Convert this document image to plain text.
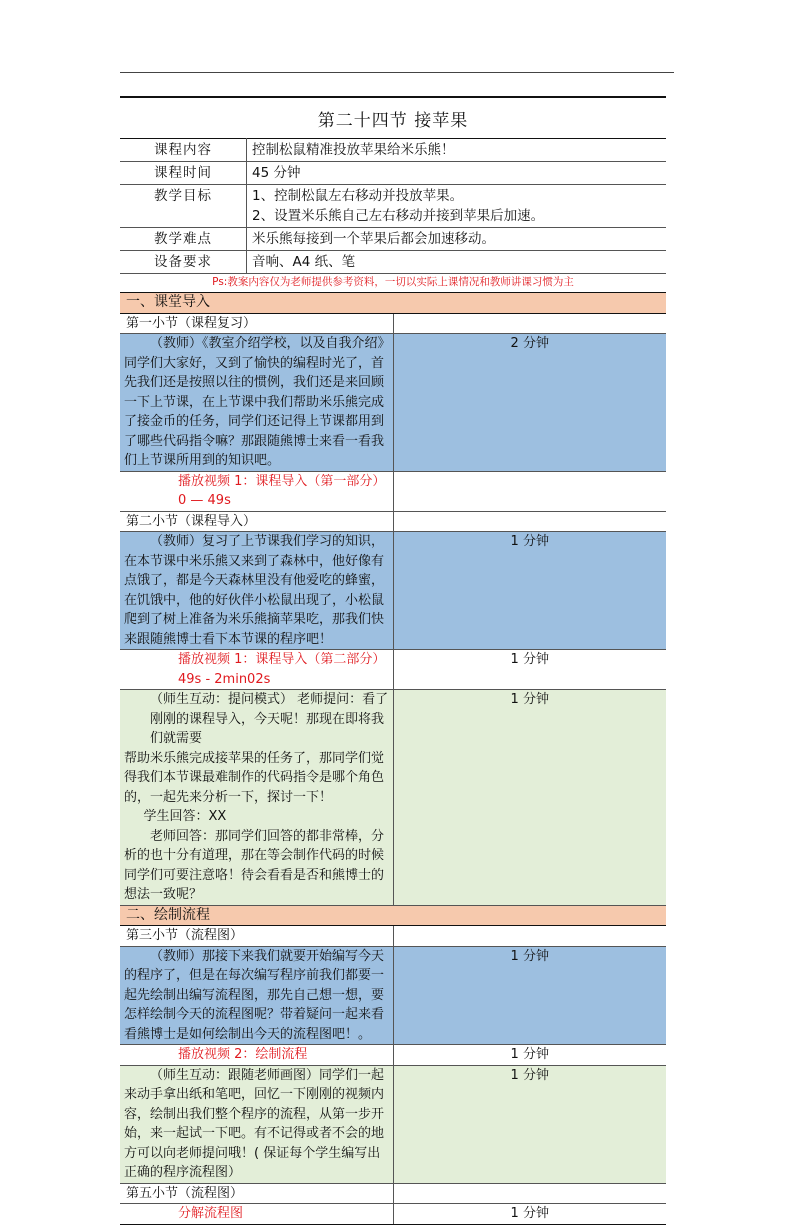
第二十四节 接苹果
课程内容	控制松鼠精准投放苹果给米乐熊！
课程时间	45 分钟
教学目标	1、控制松鼠左右移动并投放苹果。
2、设置米乐熊自己左右移动并接到苹果后加速。

教学难点	米乐熊每接到一个苹果后都会加速移动。
设备要求	音响、A4 纸、笔
Ps:教案内容仅为老师提供参考资料，一切以实际上课情况和教师讲课习惯为主
一、课堂导入	
第一小节（课程复习）	
（教师）《教室介绍学校，以及自我介绍》同学们大家好，又到了愉快的编程时光了，首先我们还是按照以往的惯例，我们还是来回顾一下上节课，在上节课中我们帮助米乐熊完成了接金币的任务，同学们还记得上节课都用到了哪些代码指令嘛？那跟随熊博士来看一看我们上节课所用到的知识吧。	2 分钟
播放视频 1：课程导入（第一部分）0 — 49s	
第二小节（课程导入）	
（教师）复习了上节课我们学习的知识，在本节课中米乐熊又来到了森林中，他好像有点饿了，都是今天森林里没有他爱吃的蜂蜜，在饥饿中，他的好伙伴小松鼠出现了，小松鼠爬到了树上准备为米乐熊摘苹果吃，那我们快来跟随熊博士看下本节课的程序吧！	1 分钟
播放视频 1：课程导入（第二部分）49s - 2min02s	1 分钟

（师生互动：提问模式） 老师提问：看了刚刚的课程导入，今天呢！那现在即将我们就需要
帮助米乐熊完成接苹果的任务了，那同学们觉得我们本节课最难制作的代码指令是哪个角色的，一起先来分析一下，探讨一下！
学生回答：XX
老师回答：那同学们回答的都非常棒，分析的也十分有道理，那在等会制作代码的时候同学们可要注意咯！待会看看是否和熊博士的想法一致呢？	1 分钟
二、绘制流程	
第三小节（流程图）	
（教师）那接下来我们就要开始编写今天的程序了，但是在每次编写程序前我们都要一起先绘制出编写流程图，那先自己想一想，要怎样绘制今天的流程图呢？带着疑问一起来看看熊博士是如何绘制出今天的流程图吧！。	1 分钟
播放视频 2：绘制流程	1 分钟
（师生互动：跟随老师画图）同学们一起来动手拿出纸和笔吧，回忆一下刚刚的视频内容，绘制出我们整个程序的流程，从第一步开始，来一起试一下吧。有不记得或者不会的地方可以向老师提问哦！( 保证每个学生编写出正确的程序流程图）	1 分钟
第五小节（流程图）	
分解流程图	1 分钟
